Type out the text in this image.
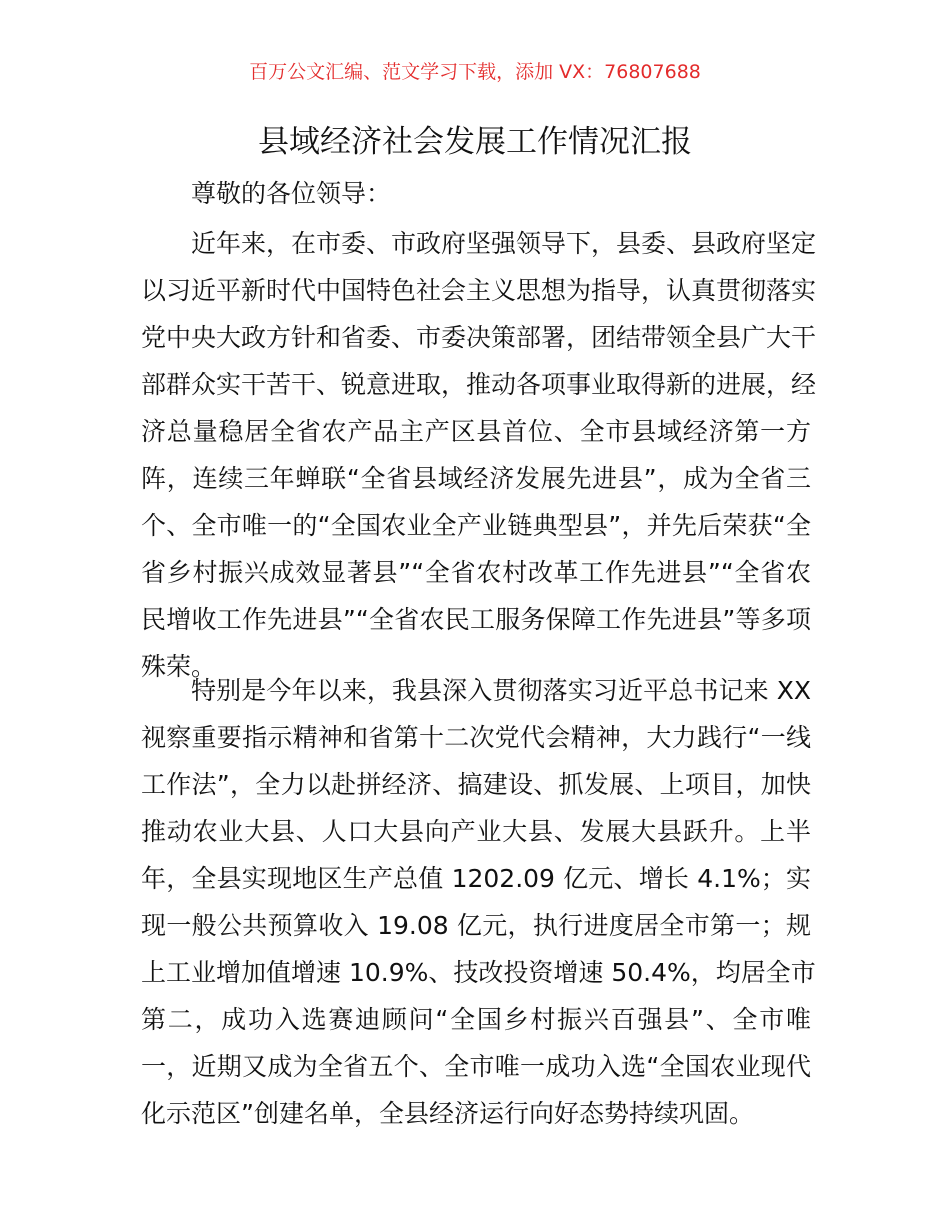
百万公文汇编、范文学习下载，添加 VX：76807688
县域经济社会发展工作情况汇报
尊敬的各位领导：
近年来，在市委、市政府坚强领导下，县委、县政府坚定
以习近平新时代中国特色社会主义思想为指导，认真贯彻落实
党中央大政方针和省委、市委决策部署，团结带领全县广大干
部群众实干苦干、锐意进取，推动各项事业取得新的进展，经
济总量稳居全省农产品主产区县首位、全市县域经济第一方
阵，连续三年蝉联“全省县域经济发展先进县”，成为全省三
个、全市唯一的“全国农业全产业链典型县”，并先后荣获“全
省乡村振兴成效显著县”“全省农村改革工作先进县”“全省农
民增收工作先进县”“全省农民工服务保障工作先进县”等多项
殊荣。
特别是今年以来，我县深入贯彻落实习近平总书记来 XX
视察重要指示精神和省第十二次党代会精神，大力践行“一线
工作法”，全力以赴拼经济、搞建设、抓发展、上项目，加快
推动农业大县、人口大县向产业大县、发展大县跃升。上半
年，全县实现地区生产总值 1202.09 亿元、增长 4.1%；实
现一般公共预算收入 19.08 亿元，执行进度居全市第一；规
上工业增加值增速 10.9%、技改投资增速 50.4%，均居全市
第二，成功入选赛迪顾问“全国乡村振兴百强县”、全市唯
一，近期又成为全省五个、全市唯一成功入选“全国农业现代
化示范区”创建名单，全县经济运行向好态势持续巩固。
